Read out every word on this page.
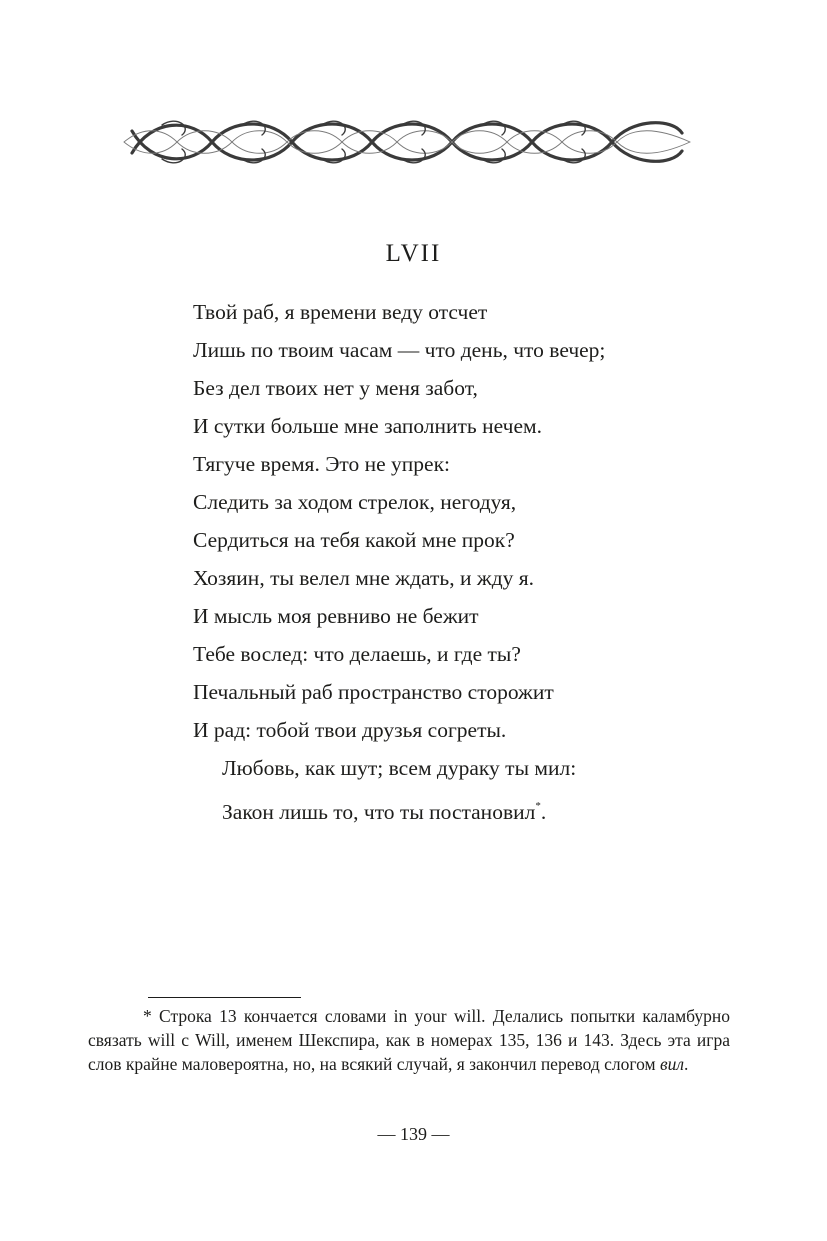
LVII
Твой раб, я времени веду отсчет
Лишь по твоим часам — что день, что вечер;
Без дел твоих нет у меня забот,
И сутки больше мне заполнить нечем.
Тягуче время. Это не упрек:
Следить за ходом стрелок, негодуя,
Сердиться на тебя какой мне прок?
Хозяин, ты велел мне ждать, и жду я.
И мысль моя ревниво не бежит
Тебе вослед: что делаешь, и где ты?
Печальный раб пространство сторожит
И рад: тобой твои друзья согреты.
Любовь, как шут; всем дураку ты мил:
Закон лишь то, что ты постановил*.

* Строка 13 кончается словами in your will. Делались попытки каламбурно связать will с Will, именем Шекспира, как в номерах 135, 136 и 143. Здесь эта игра слов крайне маловероятна, но, на всякий случай, я закончил перевод слогом вил.

— 139 —
